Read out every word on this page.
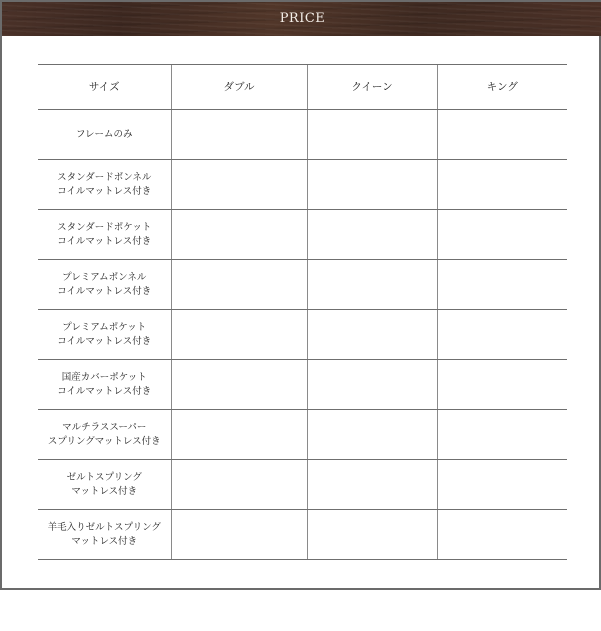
PRICE
サイズ	ダブル	クイーン	キング

フレームのみ			

スタンダードボンネル
コイルマットレス付き			

スタンダードポケット
コイルマットレス付き			

プレミアムボンネル
コイルマットレス付き			

プレミアムポケット
コイルマットレス付き			

国産カバーポケット
コイルマットレス付き			

マルチラススーパー
スプリングマットレス付き			

ゼルトスプリング
マットレス付き			

羊毛入りゼルトスプリング
マットレス付き			
